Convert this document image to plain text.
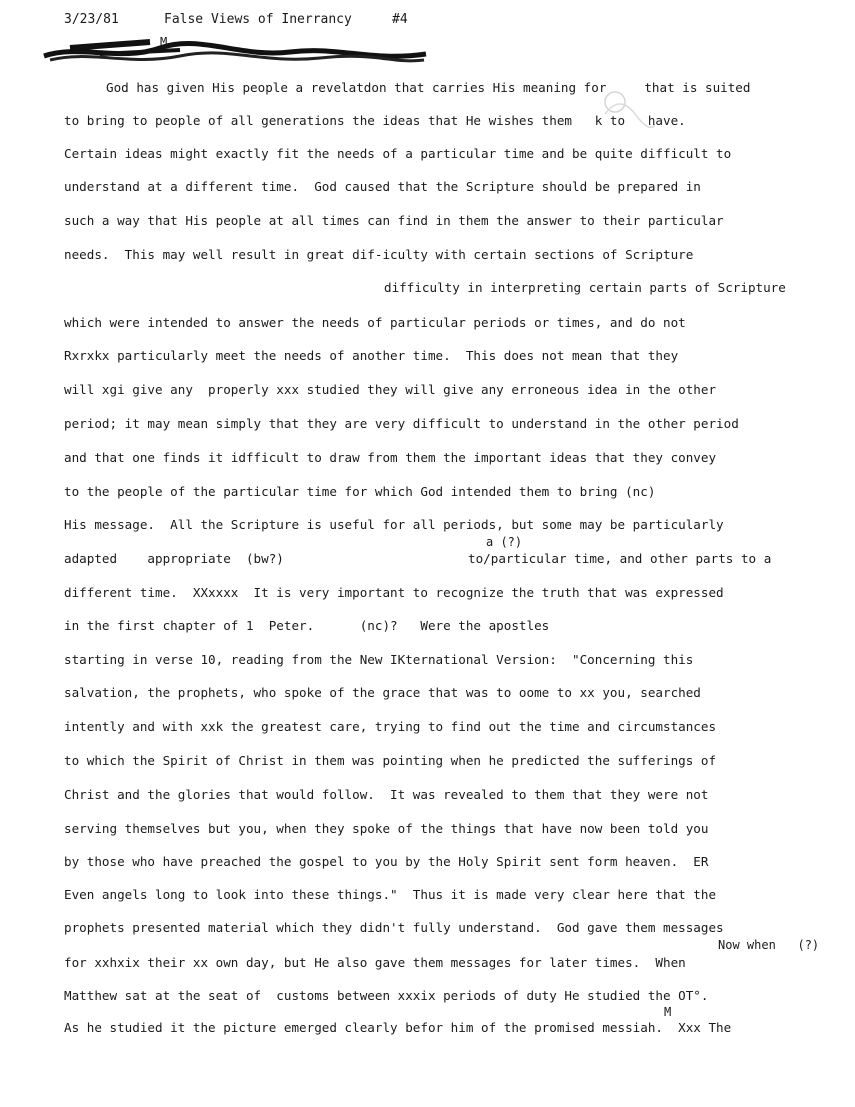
3/23/81	False Views of Inerrancy	#4
M.
God has given His people a revelatdon that carries His meaning for     that is suited
to bring to people of all generations the ideas that He wishes them   k to   have.
Certain ideas might exactly fit the needs of a particular time and be quite difficult to
understand at a different time.  God caused that the Scripture should be prepared in
such a way that His people at all times can find in them the answer to their particular
needs.  This may well result in great dif-iculty with certain sections of Scripture
difficulty in interpreting certain parts of Scripture
which were intended to answer the needs of particular periods or times, and do not
Rxrxkx particularly meet the needs of another time.  This does not mean that they
will xgi give any  properly xxx studied they will give any erroneous idea in the other
period; it may mean simply that they are very difficult to understand in the other period
and that one finds it idfficult to draw from them the important ideas that they convey
to the people of the particular time for which God intended them to bring (nc)
His message.  All the Scripture is useful for all periods, but some may be particularly
a (?)
adapted    appropriate  (bw?)	to/particular time, and other parts to a
different time.  XXxxxx  It is very important to recognize the truth that was expressed
in the first chapter of 1  Peter.      (nc)?   Were the apostles
starting in verse 10, reading from the New IKternational Version:  "Concerning this
salvation, the prophets, who spoke of the grace that was to oome to xx you, searched
intently and with xxk the greatest care, trying to find out the time and circumstances
to which the Spirit of Christ in them was pointing when he predicted the sufferings of
Christ and the glories that would follow.  It was revealed to them that they were not
serving themselves but you, when they spoke of the things that have now been told you
by those who have preached the gospel to you by the Holy Spirit sent form heaven.  ER
Even angels long to look into these things."  Thus it is made very clear here that the
prophets presented material which they didn't fully understand.  God gave them messages
Now when   (?)
for xxhxix their xx own day, but He also gave them messages for later times.  When
Matthew sat at the seat of  customs between xxxix periods of duty He studied the OT°.
M
As he studied it the picture emerged clearly befor him of the promised messiah.  Xxx The
